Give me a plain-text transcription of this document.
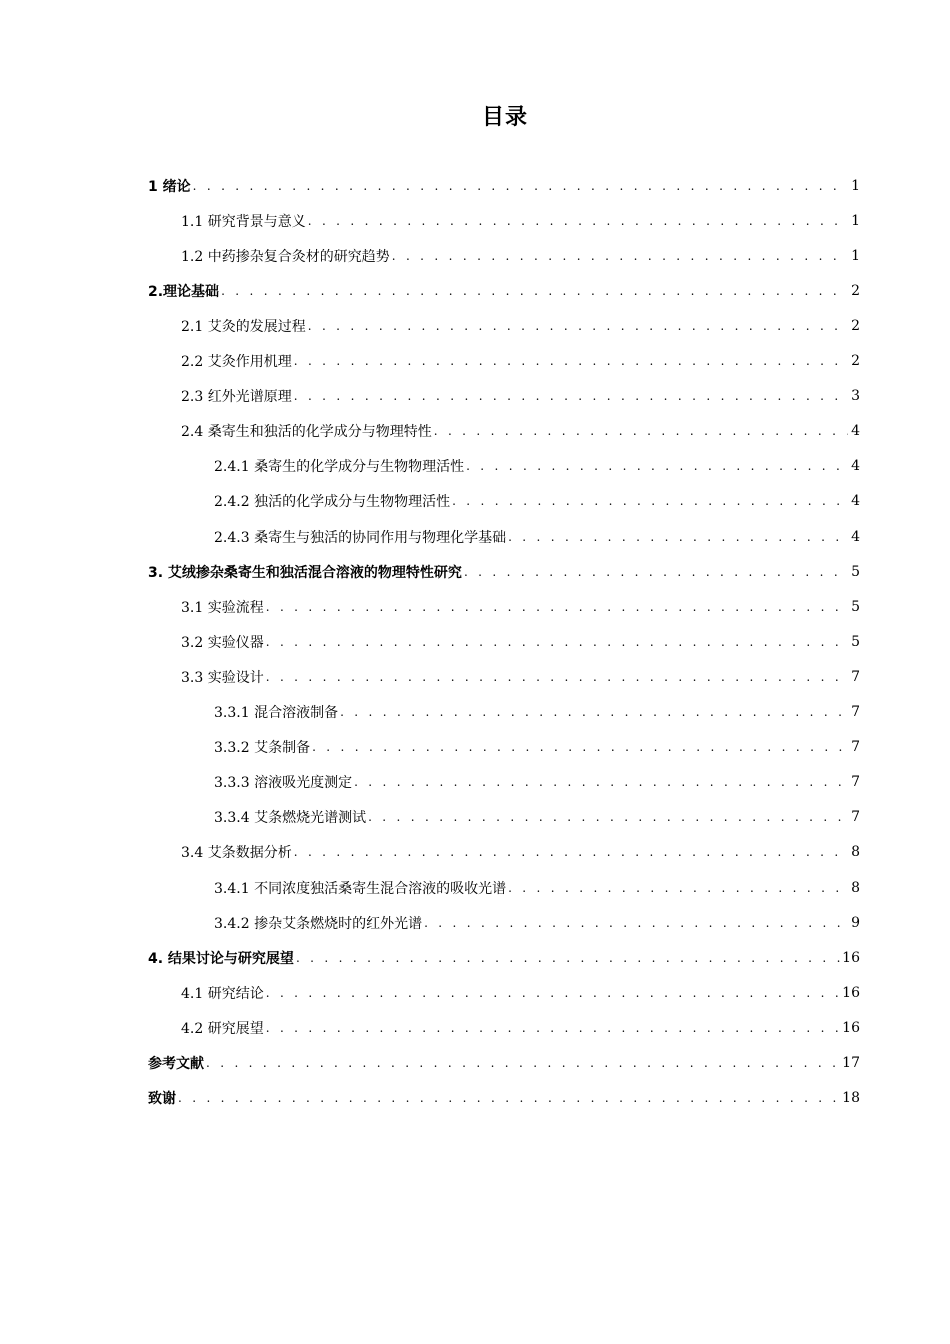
目录
1 绪论 . . .	1
1.1 研究背景与意义 . . .	1
1.2 中药掺杂复合灸材的研究趋势 . . .	1
2.理论基础 . . .	2
2.1 艾灸的发展过程 . . .	2
2.2 艾灸作用机理 . . .	2
2.3 红外光谱原理 . . .	3
2.4 桑寄生和独活的化学成分与物理特性 . . .	4
2.4.1 桑寄生的化学成分与生物物理活性 . . .	4
2.4.2 独活的化学成分与生物物理活性 . . .	4
2.4.3 桑寄生与独活的协同作用与物理化学基础 . . .	4
3. 艾绒掺杂桑寄生和独活混合溶液的物理特性研究 . . .	5
3.1 实验流程 . . .	5
3.2 实验仪器 . . .	5
3.3 实验设计 . . .	7
3.3.1 混合溶液制备 . . .	7
3.3.2 艾条制备 . . .	7
3.3.3 溶液吸光度测定 . . .	7
3.3.4 艾条燃烧光谱测试 . . .	7
3.4 艾条数据分析 . . .	8
3.4.1 不同浓度独活桑寄生混合溶液的吸收光谱 . . .	8
3.4.2 掺杂艾条燃烧时的红外光谱 . . .	9
4. 结果讨论与研究展望 . . .	16
4.1 研究结论 . . .	16
4.2 研究展望 . . .	16
参考文献 . . .	17
致谢 . . .	18
